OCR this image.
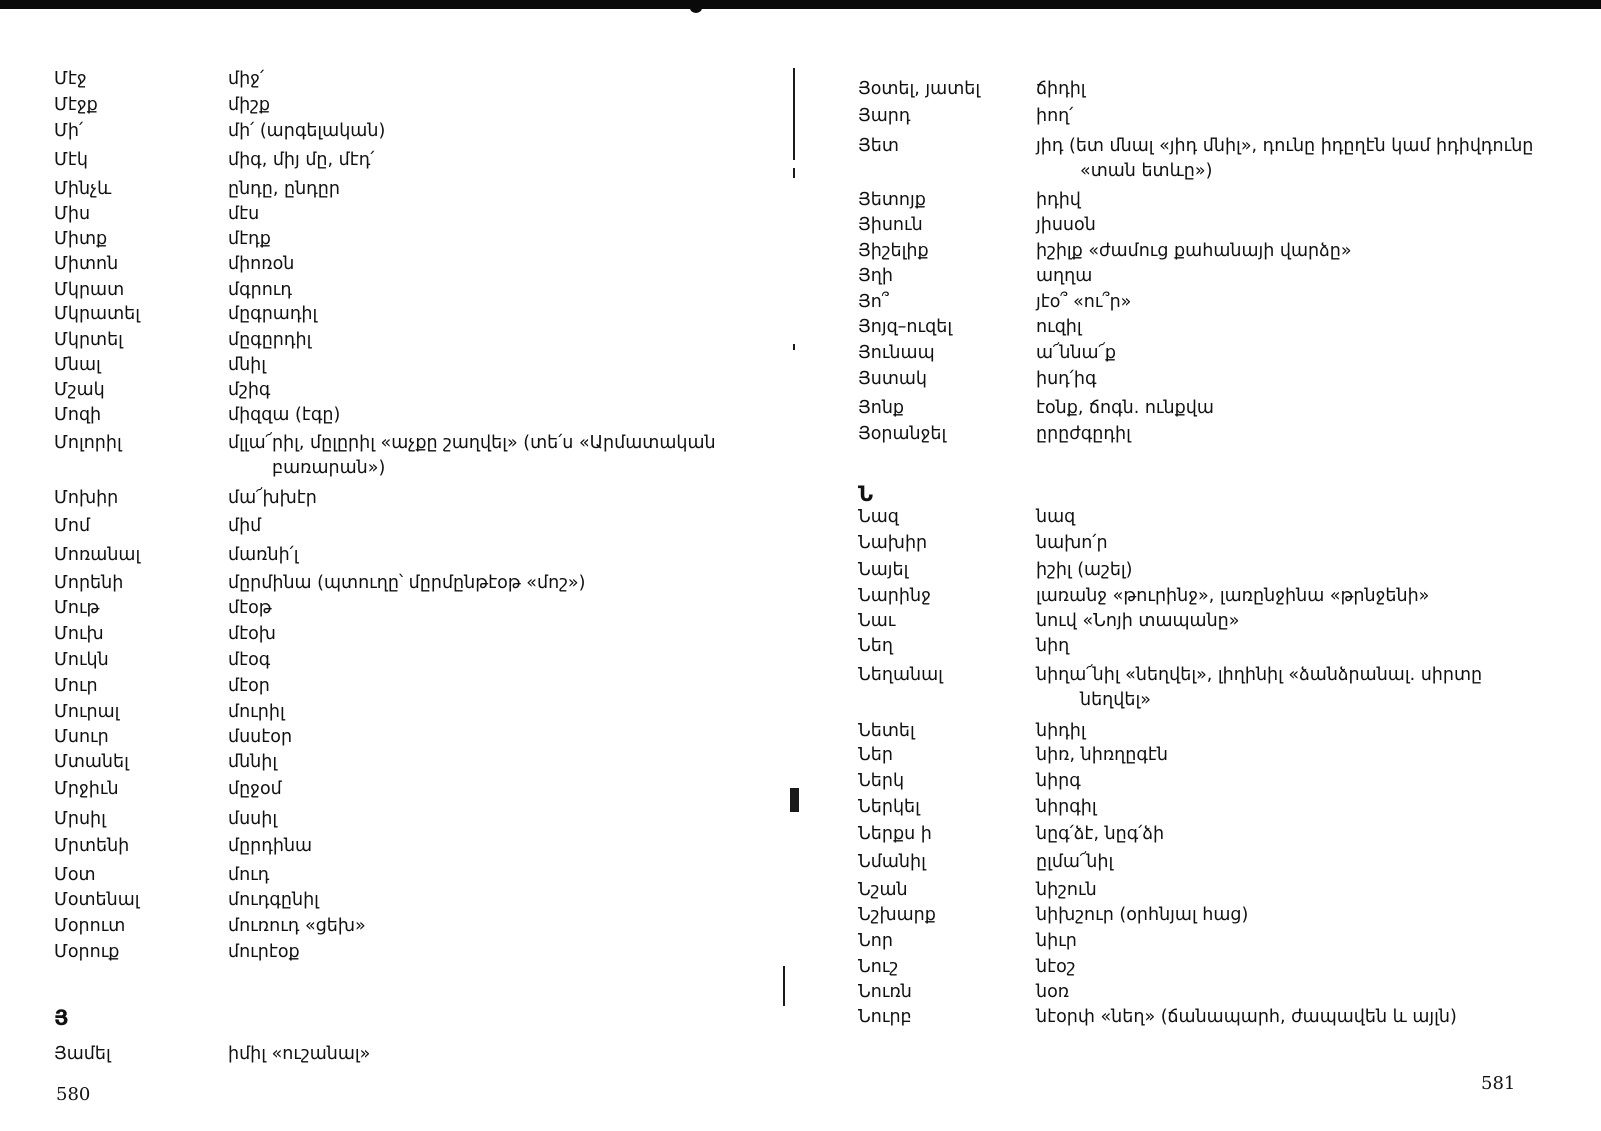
Մէջ	միջ՛
Մէջք	միշք
Մի՛	մի՛ (արգելական)
Մէկ	միգ, միյ մը, մէդ՛
Մինչև	ընդը, ընդըր
Միս	մէս
Միտք	մէդք
Միտոն	միոռօն
Մկրատ	մգրուդ
Մկրատել	մըգրադիլ
Մկրտել	մըգըրդիլ
Մնալ	մնիլ
Մշակ	մշիգ
Մոզի	միզզա (էգը)
Մոլորիլ	մլլա՜րիլ, մըլըրիլ «աչքը շաղվել» (տե՛ս «Արմատական
բառարան»)
Մոխիր	մա՜խխէր
Մոմ	միմ
Մոռանալ	մառնի՛լ
Մորենի	մըրմինա (պտուղը՝ մըրմընթէօթ «մոշ»)
Մութ	մէօթ
Մուխ	մէօխ
Մուկն	մէօգ
Մուր	մէօր
Մուրալ	մուրիլ
Մսուր	մսսէօր
Մտանել	մննիլ
Մրջիւն	մըջօմ
Մրսիլ	մսսիլ
Մրտենի	մըրդինա
Մօտ	մուդ
Մօտենալ	մուդգընիլ
Մօրուտ	մուռուդ «ցեխ»
Մօրուք	մուրէօք
Յամել	իմիլ «ուշանալ»
Յ
580
Յօտել, յատել	ճիդիլ
Յարդ	իող՛
Յետ	յիդ (ետ մնալ «յիդ մնիլ», դունը իդըղէն կամ իդիվդունը
«տան ետևը»)
Յետոյք	իդիվ
Յիսուն	յիսսօն
Յիշելիք	իշիլք «ժամուց քահանայի վարձը»
Յղի	աղղա
Յո՞	յէօ՞ «ու՞ր»
Յոյզ–ուզել	ուզիլ
Յունապ	ա՜ննա՜ք
Յստակ	իսդ՛իգ
Յոնք	էօնք, ճոգն. ունքվա
Յօրանջել	ըրըժգըդիլ
Նազ	նազ
Նախիր	նախո՛ր
Նայել	իշիլ (աշել)
Նարինջ	լառանջ «թուրինջ», լառընջինա «թրնջենի»
Նաւ	նուվ «Նոյի տապանը»
Նեղ	նիղ
Նեղանալ	նիղա՜նիլ «նեղվել», լիղինիլ «ձանձրանալ. սիրտը
նեղվել»
Նետել	նիդիլ
Ներ	նիռ, նիռղըգէն
Ներկ	նիրգ
Ներկել	նիրգիլ
Ներքս ի	նըգ՛ձէ, նըգ՛ձի
Նմանիլ	ըլմա՜նիլ
Նշան	նիշուն
Նշխարք	նիխշուր (օրհնյալ հաց)
Նոր	նիւր
Նուշ	նէօշ
Նուռն	նօռ
Նուրբ	նէօրփ «նեղ» (ճանապարհ, ժապավեն և այլն)
Ն
581
